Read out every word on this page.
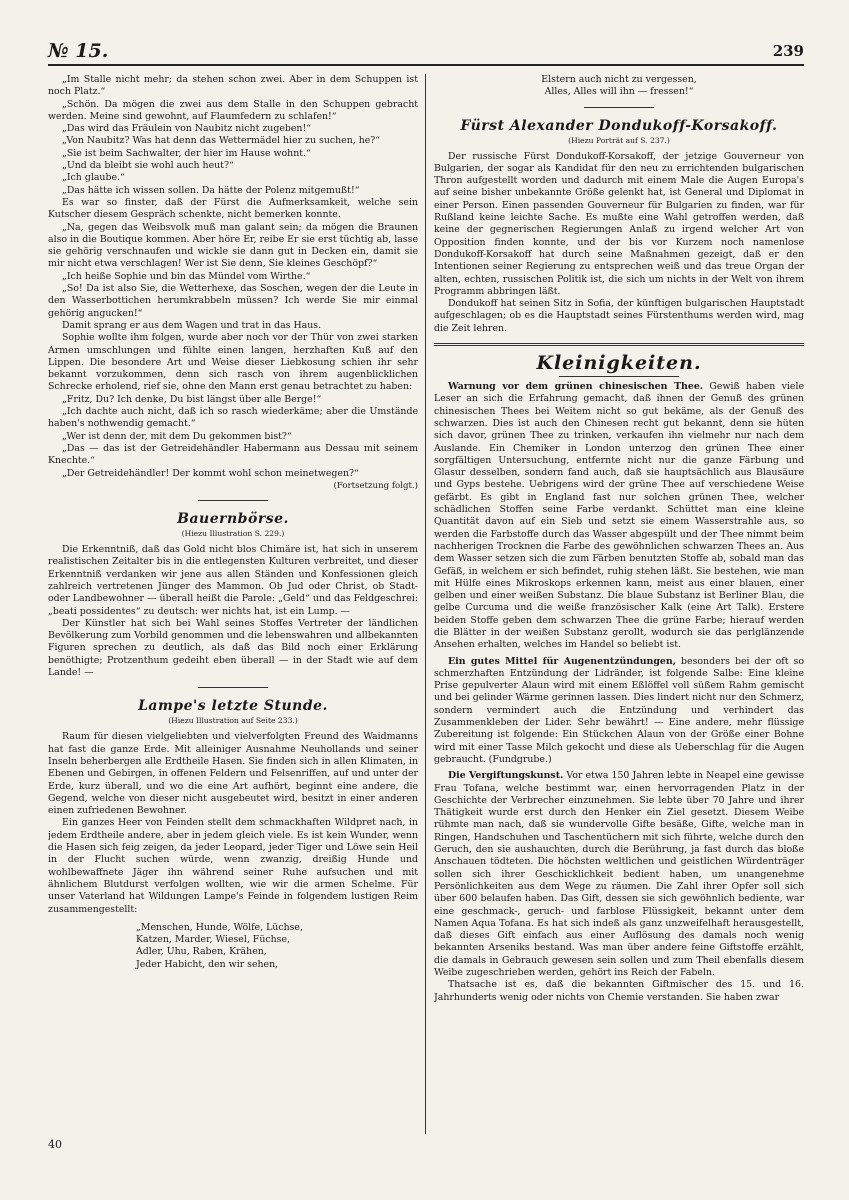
№ 15.	239

„Im Stalle nicht mehr; da stehen schon zwei. Aber in dem Schuppen ist noch Platz.“

„Schön. Da mögen die zwei aus dem Stalle in den Schuppen gebracht werden. Meine sind gewohnt, auf Flaumfedern zu schlafen!“

„Das wird das Fräulein von Naubitz nicht zugeben!“

„Von Naubitz? Was hat denn das Wettermädel hier zu suchen, he?“

„Sie ist beim Sachwalter, der hier im Hause wohnt.“

„Und da bleibt sie wohl auch heut?“

„Ich glaube.“

„Das hätte ich wissen sollen. Da hätte der Polenz mitgemußt!“

Es war so finster, daß der Fürst die Aufmerksamkeit, welche sein Kutscher diesem Gespräch schenkte, nicht bemerken konnte.

„Na, gegen das Weibsvolk muß man galant sein; da mögen die Braunen also in die Boutique kommen. Aber höre Er, reibe Er sie erst tüchtig ab, lasse sie gehörig verschnaufen und wickle sie dann gut in Decken ein, damit sie mir nicht etwa verschlagen! Wer ist Sie denn, Sie kleines Geschöpf?“

„Ich heiße Sophie und bin das Mündel vom Wirthe.“

„So! Da ist also Sie, die Wetterhexe, das Soschen, wegen der die Leute in den Wasserbottichen herumkrabbeln müssen? Ich werde Sie mir einmal gehörig angucken!“

Damit sprang er aus dem Wagen und trat in das Haus.

Sophie wollte ihm folgen, wurde aber noch vor der Thür von zwei starken Armen umschlungen und fühlte einen langen, herzhaften Kuß auf den Lippen. Die besondere Art und Weise dieser Liebkosung schien ihr sehr bekannt vorzukommen, denn sich rasch von ihrem augenblicklichen Schrecke erholend, rief sie, ohne den Mann erst genau betrachtet zu haben:

„Fritz, Du? Ich denke, Du bist längst über alle Berge!“

„Ich dachte auch nicht, daß ich so rasch wiederkäme; aber die Umstände haben's nothwendig gemacht.“

„Wer ist denn der, mit dem Du gekommen bist?“

„Das — das ist der Getreidehändler Habermann aus Dessau mit seinem Knechte.“

„Der Getreidehändler! Der kommt wohl schon meinetwegen?“

(Fortsetzung folgt.)

Bauernbörse.
(Hiezu Illustration S. 229.)

Die Erkenntniß, daß das Gold nicht blos Chimäre ist, hat sich in unserem realistischen Zeitalter bis in die entlegensten Kulturen verbreitet, und dieser Erkenntniß verdanken wir jene aus allen Ständen und Konfessionen gleich zahlreich vertretenen Jünger des Mammon. Ob Jud oder Christ, ob Stadt- oder Landbewohner — überall heißt die Parole: „Geld“ und das Feldgeschrei: „beati possidentes“ zu deutsch: wer nichts hat, ist ein Lump. —

Der Künstler hat sich bei Wahl seines Stoffes Vertreter der ländlichen Bevölkerung zum Vorbild genommen und die lebenswahren und allbekannten Figuren sprechen zu deutlich, als daß das Bild noch einer Erklärung benöthigte; Protzenthum gedeiht eben überall — in der Stadt wie auf dem Lande! —

Lampe's letzte Stunde.
(Hiezu Illustration auf Seite 233.)

Raum für diesen vielgeliebten und vielverfolgten Freund des Waidmanns hat fast die ganze Erde. Mit alleiniger Ausnahme Neuhollands und seiner Inseln beherbergen alle Erdtheile Hasen. Sie finden sich in allen Klimaten, in Ebenen und Gebirgen, in offenen Feldern und Felsenriffen, auf und unter der Erde, kurz überall, und wo die eine Art aufhört, beginnt eine andere, die Gegend, welche von dieser nicht ausgebeutet wird, besitzt in einer anderen einen zufriedenen Bewohner.

Ein ganzes Heer von Feinden stellt dem schmackhaften Wildpret nach, in jedem Erdtheile andere, aber in jedem gleich viele. Es ist kein Wunder, wenn die Hasen sich feig zeigen, da jeder Leopard, jeder Tiger und Löwe sein Heil in der Flucht suchen würde, wenn zwanzig, dreißig Hunde und wohlbewaffnete Jäger ihn während seiner Ruhe aufsuchen und mit ähnlichem Blutdurst verfolgen wollten, wie wir die armen Schelme. Für unser Vaterland hat Wildungen Lampe's Feinde in folgendem lustigen Reim zusammengestellt:

„Menschen, Hunde, Wölfe, Lüchse,

Katzen, Marder, Wiesel, Füchse,

Adler, Uhu, Raben, Krähen,

Jeder Habicht, den wir sehen,

Elstern auch nicht zu vergessen,

Alles, Alles will ihn — fressen!“

Fürst Alexander Dondukoff-Korsakoff.
(Hiezu Porträt auf S. 237.)

Der russische Fürst Dondukoff-Korsakoff, der jetzige Gouverneur von Bulgarien, der sogar als Kandidat für den neu zu errichtenden bulgarischen Thron aufgestellt worden und dadurch mit einem Male die Augen Europa's auf seine bisher unbekannte Größe gelenkt hat, ist General und Diplomat in einer Person. Einen passenden Gouverneur für Bulgarien zu finden, war für Rußland keine leichte Sache. Es mußte eine Wahl getroffen werden, daß keine der gegnerischen Regierungen Anlaß zu irgend welcher Art von Opposition finden konnte, und der bis vor Kurzem noch namenlose Dondukoff-Korsakoff hat durch seine Maßnahmen gezeigt, daß er den Intentionen seiner Regierung zu entsprechen weiß und das treue Organ der alten, echten, russischen Politik ist, die sich um nichts in der Welt von ihrem Programm abbringen läßt.

Dondukoff hat seinen Sitz in Sofia, der künftigen bulgarischen Hauptstadt aufgeschlagen; ob es die Hauptstadt seines Fürstenthums werden wird, mag die Zeit lehren.

Kleinigkeiten.

Warnung vor dem grünen chinesischen Thee. Gewiß haben viele Leser an sich die Erfahrung gemacht, daß ihnen der Genuß des grünen chinesischen Thees bei Weitem nicht so gut bekäme, als der Genuß des schwarzen. Dies ist auch den Chinesen recht gut bekannt, denn sie hüten sich davor, grünen Thee zu trinken, verkaufen ihn vielmehr nur nach dem Auslande. Ein Chemiker in London unterzog den grünen Thee einer sorgfältigen Untersuchung, entfernte nicht nur die ganze Färbung und Glasur desselben, sondern fand auch, daß sie hauptsächlich aus Blausäure und Gyps bestehe. Uebrigens wird der grüne Thee auf verschiedene Weise gefärbt. Es gibt in England fast nur solchen grünen Thee, welcher schädlichen Stoffen seine Farbe verdankt. Schüttet man eine kleine Quantität davon auf ein Sieb und setzt sie einem Wasserstrahle aus, so werden die Farbstoffe durch das Wasser abgespült und der Thee nimmt beim nachherigen Trocknen die Farbe des gewöhnlichen schwarzen Thees an. Aus dem Wasser setzen sich die zum Färben benutzten Stoffe ab, sobald man das Gefäß, in welchem er sich befindet, ruhig stehen läßt. Sie bestehen, wie man mit Hülfe eines Mikroskops erkennen kann, meist aus einer blauen, einer gelben und einer weißen Substanz. Die blaue Substanz ist Berliner Blau, die gelbe Curcuma und die weiße französischer Kalk (eine Art Talk). Erstere beiden Stoffe geben dem schwarzen Thee die grüne Farbe; hierauf werden die Blätter in der weißen Substanz gerollt, wodurch sie das perlglänzende Ansehen erhalten, welches im Handel so beliebt ist.

Ein gutes Mittel für Augenentzündungen, besonders bei der oft so schmerzhaften Entzündung der Lidränder, ist folgende Salbe: Eine kleine Prise gepulverter Alaun wird mit einem Eßlöffel voll süßem Rahm gemischt und bei gelinder Wärme gerinnen lassen. Dies lindert nicht nur den Schmerz, sondern vermindert auch die Entzündung und verhindert das Zusammenkleben der Lider. Sehr bewährt! — Eine andere, mehr flüssige Zubereitung ist folgende: Ein Stückchen Alaun von der Größe einer Bohne wird mit einer Tasse Milch gekocht und diese als Ueberschlag für die Augen gebraucht. (Fundgrube.)

Die Vergiftungskunst. Vor etwa 150 Jahren lebte in Neapel eine gewisse Frau Tofana, welche bestimmt war, einen hervorragenden Platz in der Geschichte der Verbrecher einzunehmen. Sie lebte über 70 Jahre und ihrer Thätigkeit wurde erst durch den Henker ein Ziel gesetzt. Diesem Weibe rühmte man nach, daß sie wundervolle Gifte besäße, Gifte, welche man in Ringen, Handschuhen und Taschentüchern mit sich führte, welche durch den Geruch, den sie aushauchten, durch die Berührung, ja fast durch das bloße Anschauen tödteten. Die höchsten weltlichen und geistlichen Würdenträger sollen sich ihrer Geschicklichkeit bedient haben, um unangenehme Persönlichkeiten aus dem Wege zu räumen. Die Zahl ihrer Opfer soll sich über 600 belaufen haben. Das Gift, dessen sie sich gewöhnlich bediente, war eine geschmack-, geruch- und farblose Flüssigkeit, bekannt unter dem Namen Aqua Tofana. Es hat sich indeß als ganz unzweifelhaft herausgestellt, daß dieses Gift einfach aus einer Auflösung des damals noch wenig bekannten Arseniks bestand. Was man über andere feine Giftstoffe erzählt, die damals in Gebrauch gewesen sein sollen und zum Theil ebenfalls diesem Weibe zugeschrieben werden, gehört ins Reich der Fabeln.

Thatsache ist es, daß die bekannten Giftmischer des 15. und 16. Jahrhunderts wenig oder nichts von Chemie verstanden. Sie haben zwar

40
